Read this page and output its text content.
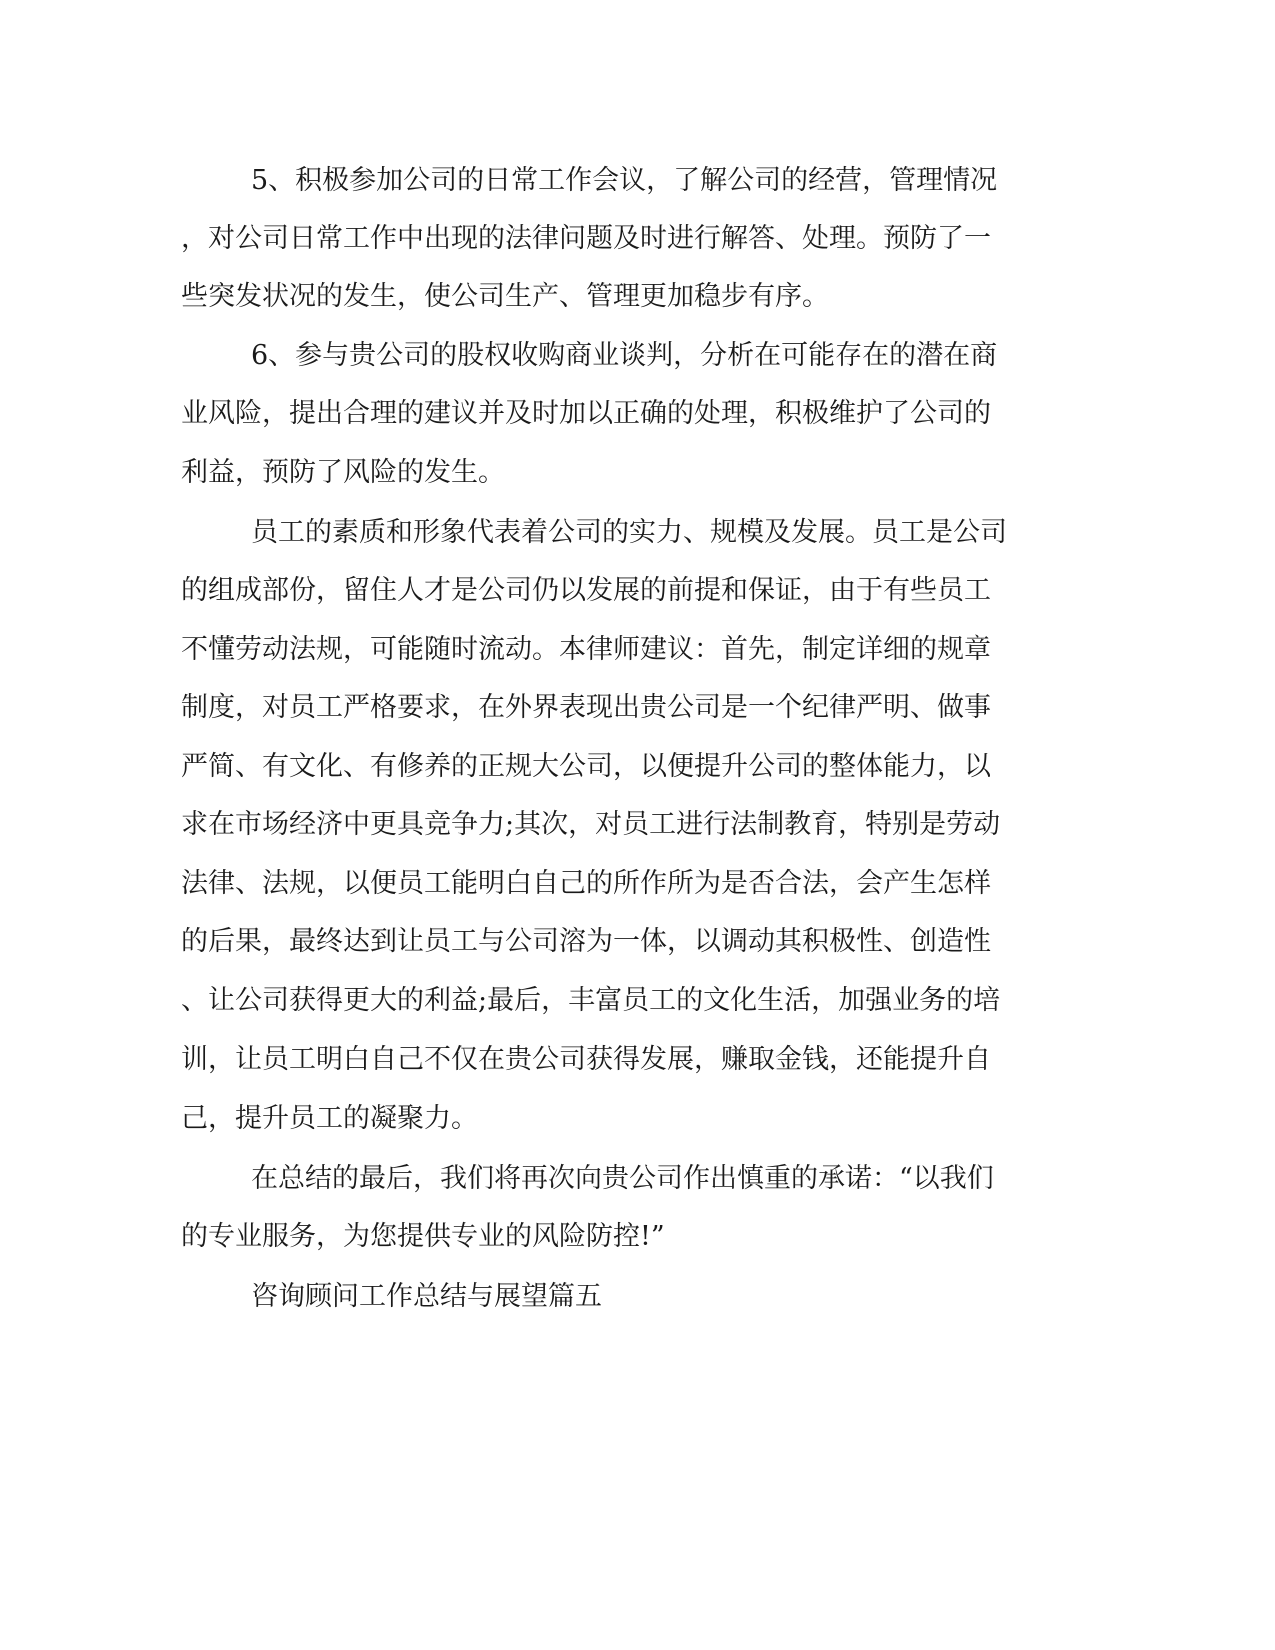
5、积极参加公司的日常工作会议，了解公司的经营，管理情况
，对公司日常工作中出现的法律问题及时进行解答、处理。预防了一
些突发状况的发生，使公司生产、管理更加稳步有序。
6、参与贵公司的股权收购商业谈判，分析在可能存在的潜在商
业风险，提出合理的建议并及时加以正确的处理，积极维护了公司的
利益，预防了风险的发生。
员工的素质和形象代表着公司的实力、规模及发展。员工是公司
的组成部份，留住人才是公司仍以发展的前提和保证，由于有些员工
不懂劳动法规，可能随时流动。本律师建议：首先，制定详细的规章
制度，对员工严格要求，在外界表现出贵公司是一个纪律严明、做事
严简、有文化、有修养的正规大公司，以便提升公司的整体能力，以
求在市场经济中更具竞争力;其次，对员工进行法制教育，特别是劳动
法律、法规，以便员工能明白自己的所作所为是否合法，会产生怎样
的后果，最终达到让员工与公司溶为一体，以调动其积极性、创造性
、让公司获得更大的利益;最后，丰富员工的文化生活，加强业务的培
训，让员工明白自己不仅在贵公司获得发展，赚取金钱，还能提升自
己，提升员工的凝聚力。
在总结的最后，我们将再次向贵公司作出慎重的承诺：“以我们
的专业服务，为您提供专业的风险防控!”
咨询顾问工作总结与展望篇五
